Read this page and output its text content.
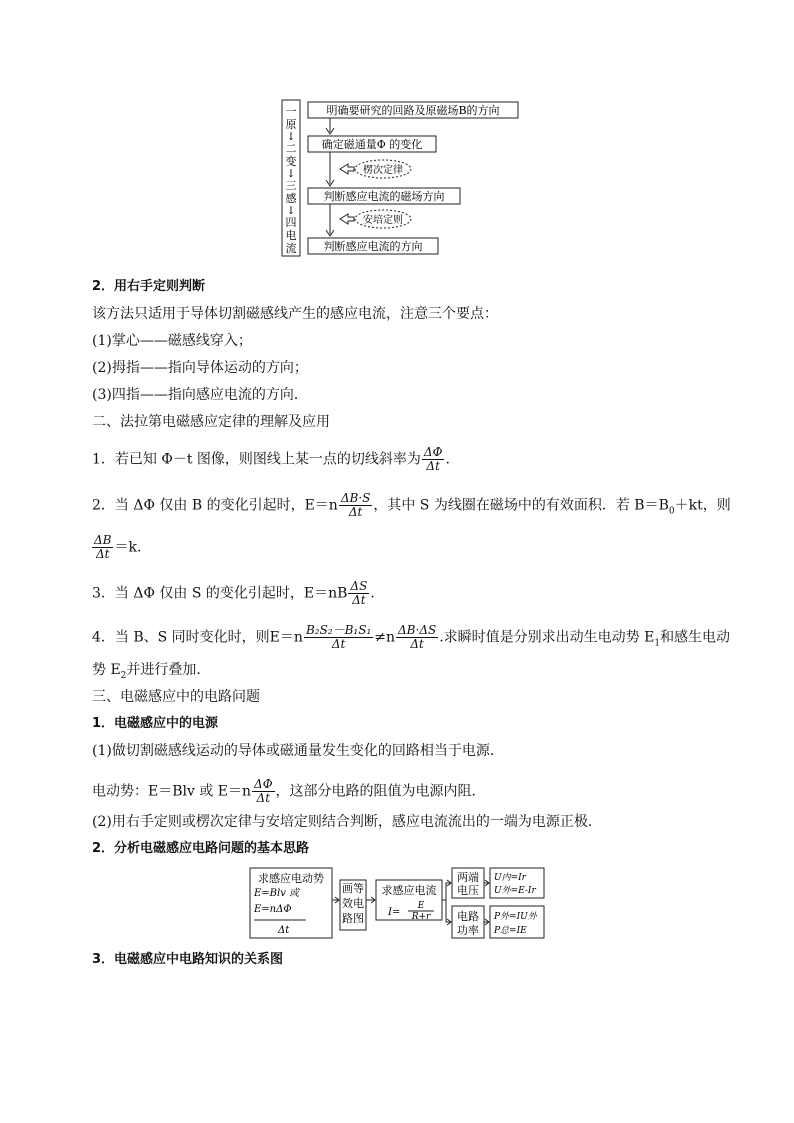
一原↓二变↓三感↓四电流
明确要研究的回路及原磁场B的方向
确定磁通量Φ 的变化
判断感应电流的磁场方向
判断感应电流的方向
楞次定律
安培定则
2．用右手定则判断
该方法只适用于导体切割磁感线产生的感应电流，注意三个要点：
(1)掌心——磁感线穿入；
(2)拇指——指向导体运动的方向；
(3)四指——指向感应电流的方向．
二、法拉第电磁感应定律的理解及应用
1．若已知 Φ－t 图像，则图线上某一点的切线斜率为 $\frac{\Delta\Phi}{\Delta t}$ .
2．当 ΔΦ 仅由 B 的变化引起时，$E=n \frac{\Delta B\cdot S}{\Delta t}$ ，其中 S 为线圈在磁场中的有效面积．若 $B=B_0+kt$，则
$\frac{\Delta B}{\Delta t} =k$.
3．当 ΔΦ 仅由 S 的变化引起时，$E=nB \frac{\Delta S}{\Delta t}$ .
4．当 B、S 同时变化时，则$E=n \frac{\text{B₂S₂－B₁S₁}}{\Delta t} \ne n \frac{\Delta B\cdot\Delta S}{\Delta t}$ .求瞬时值是分别求出动生电动势 $E_1$和感生电动
势 $E_2$并进行叠加．
三、电磁感应中的电路问题
1．电磁感应中的电源
(1)做切割磁感线运动的导体或磁通量发生变化的回路相当于电源．
电动势：E＝Blv 或 $E=n \frac{\Delta\Phi}{\Delta t}$ ，这部分电路的阻值为电源内阻．
(2)用右手定则或楞次定律与安培定则结合判断，感应电流流出的一端为电源正极．
2．分析电磁感应电路问题的基本思路
求感应电动势
E=Blv 或
E=nΔΦ
Δt
画等
效电
路图
求感应电流
I=
E
R+r
两端
电压
电路
功率
U内=Ir
U外=E-Ir
P外=IU外
P总=IE
3．电磁感应中电路知识的关系图
